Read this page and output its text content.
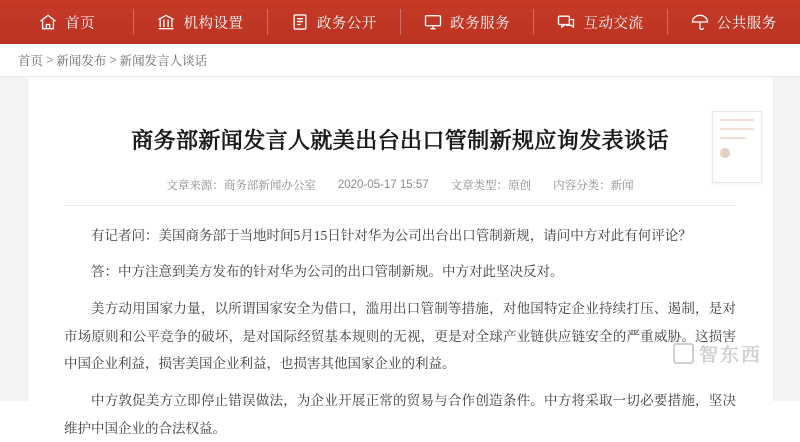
首页	机构设置	政务公开	政务服务	互动交流	公共服务
首页 > 新闻发布 > 新闻发言人谈话
商务部新闻发言人就美出台出口管制新规应询发表谈话
文章来源：商务部新闻办公室 2020-05-17 15:57 文章类型：原创 内容分类：新闻

有记者问：美国商务部于当地时间5月15日针对华为公司出台出口管制新规，请问中方对此有何评论？

答：中方注意到美方发布的针对华为公司的出口管制新规。中方对此坚决反对。

美方动用国家力量，以所谓国家安全为借口，滥用出口管制等措施，对他国特定企业持续打压、遏制，是对市场原则和公平竞争的破坏，是对国际经贸基本规则的无视，更是对全球产业链供应链安全的严重威胁。这损害中国企业利益，损害美国企业利益，也损害其他国家企业的利益。

中方敦促美方立即停止错误做法，为企业开展正常的贸易与合作创造条件。中方将采取一切必要措施，坚决维护中国企业的合法权益。

智东西
